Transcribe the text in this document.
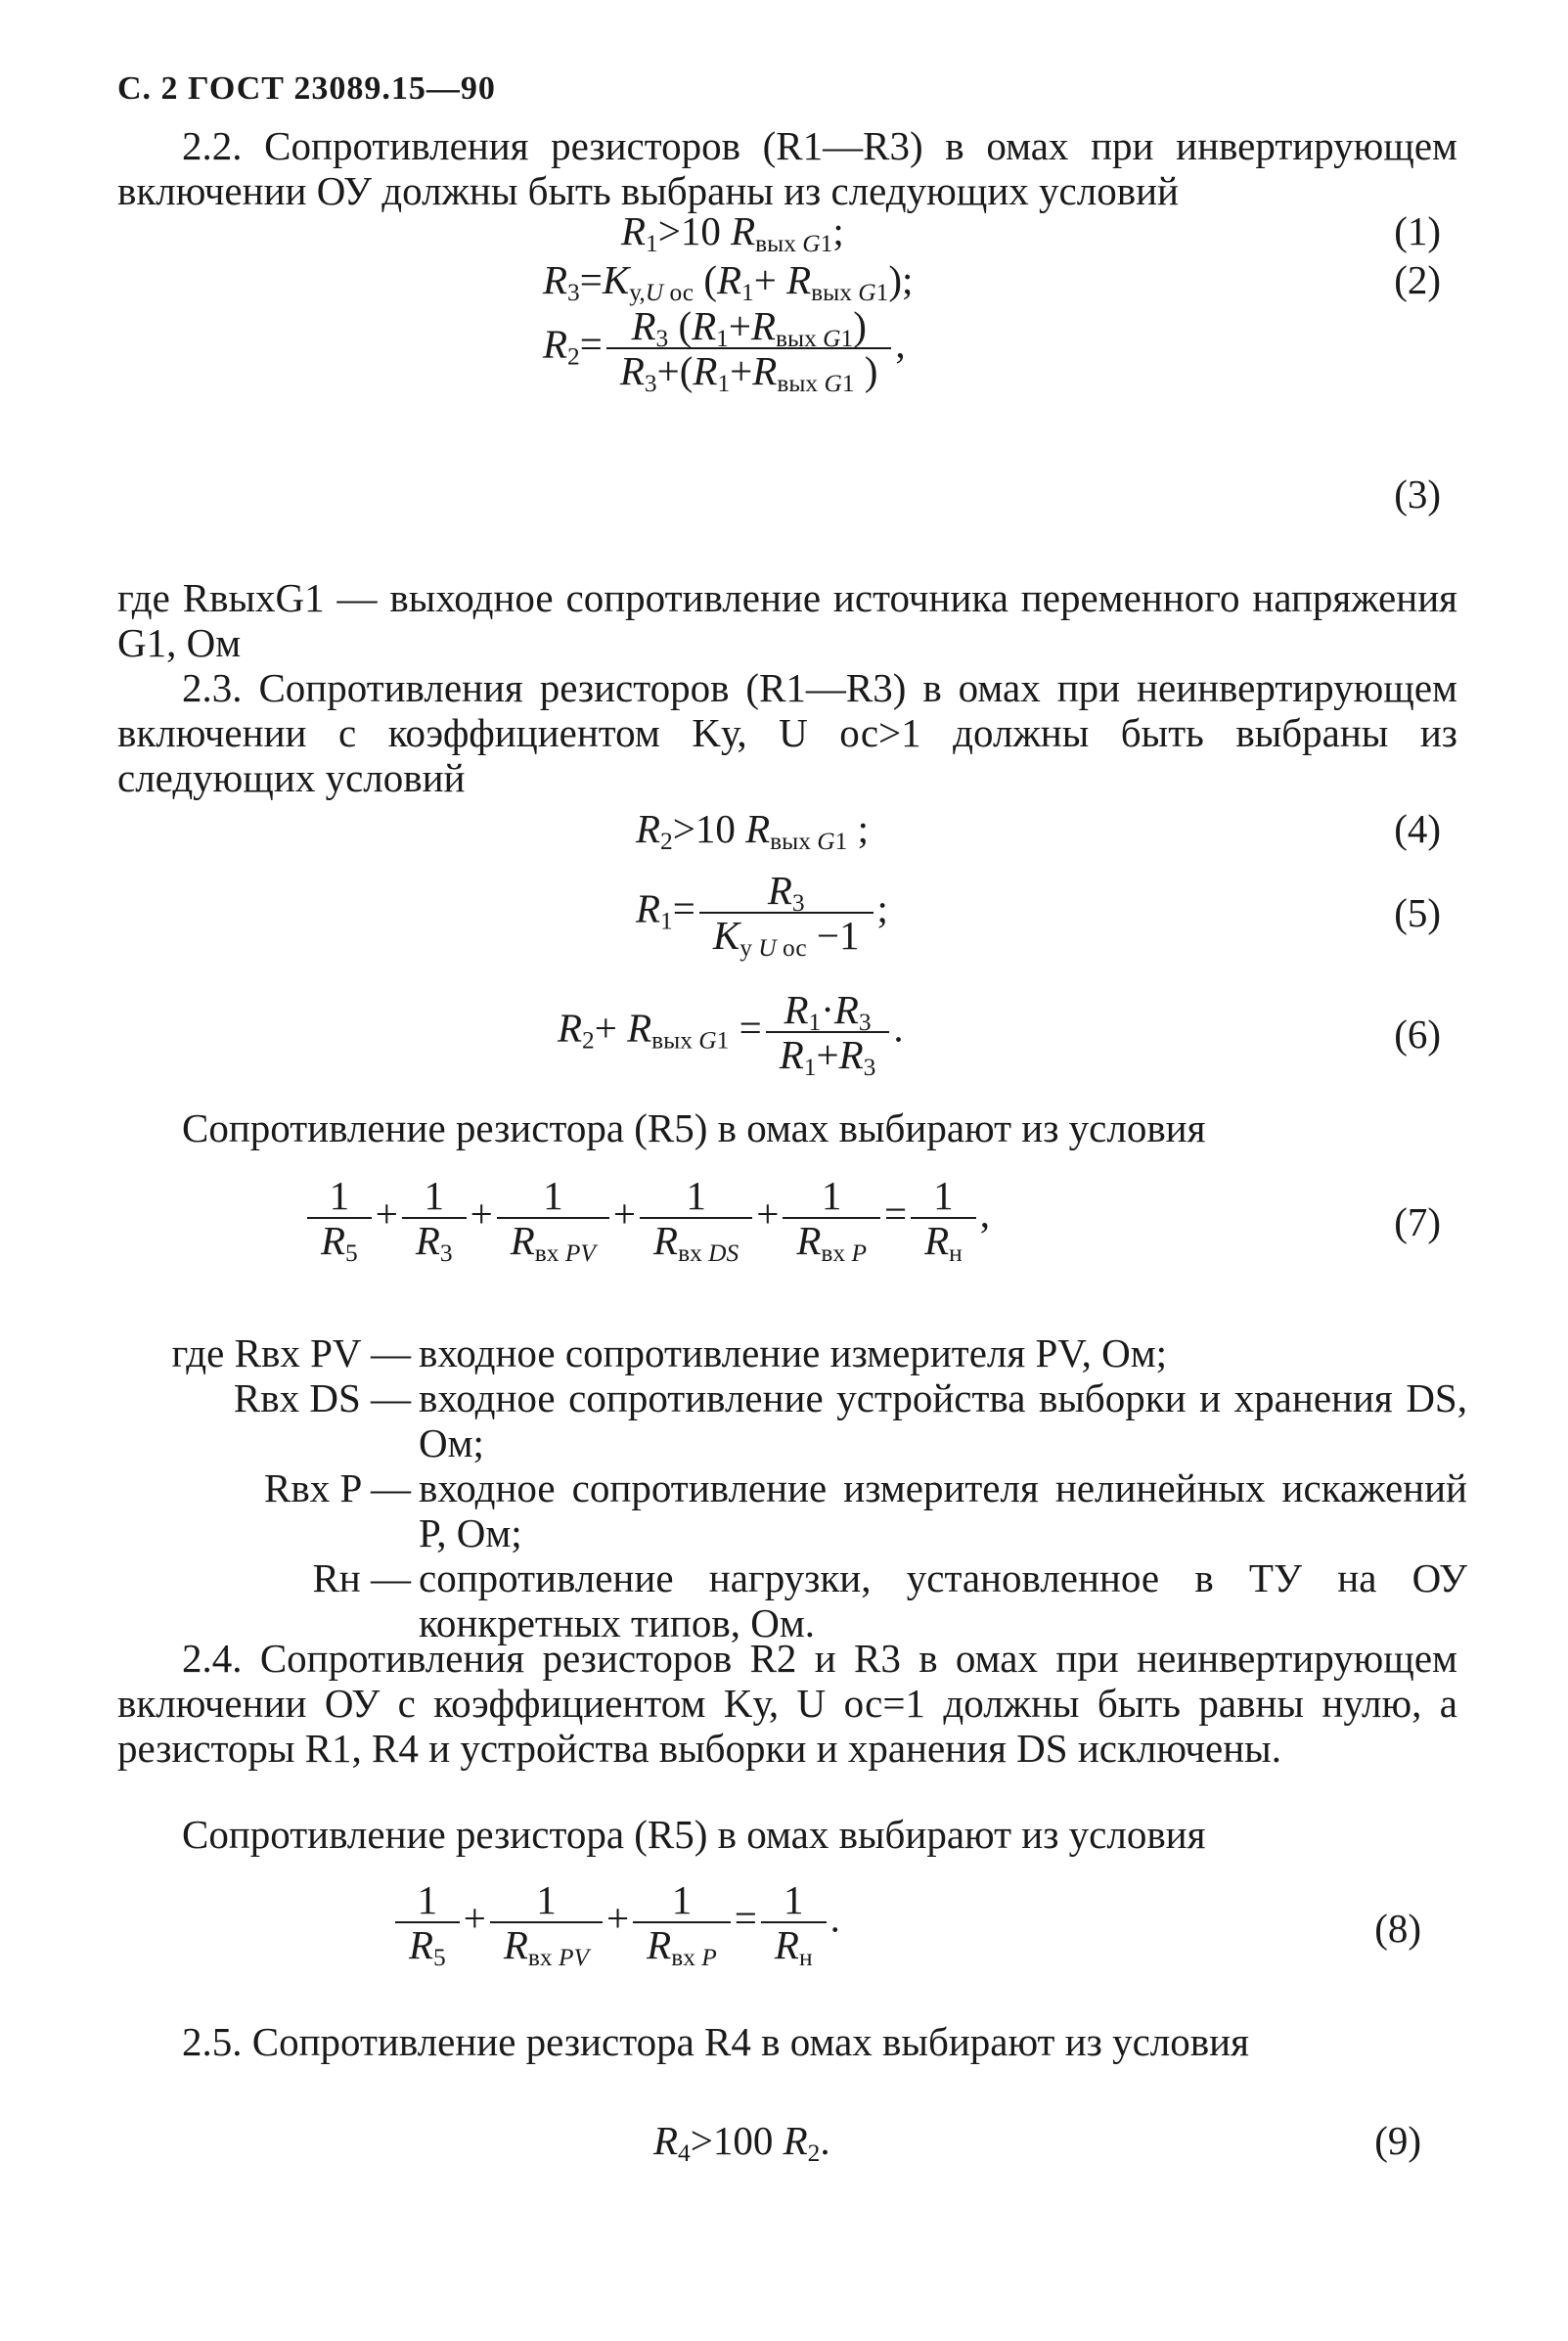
С. 2 ГОСТ 23089.15—90
2.2. Сопротивления резисторов (R1—R3) в омах при инвертирующем включении ОУ должны быть выбраны из следующих условий
$R_1>10$ $R_{вых G1}$;	(1)
$R_3=K_{у,U ос}$ $(R_1+ R_{вых G1})$;	(2)
$R_2= \frac{R_3 (R_1+R_{вых G1})}{R_3+(R_1+R_{вых G1} )}$ ,
(3)
где RвыхG1 — выходное сопротивление источника переменного напряжения G1, Ом
2.3. Сопротивления резисторов (R1—R3) в омах при неинвертирующем включении с коэффициентом Kу, U ос>1 должны быть выбраны из следующих условий
$R_2>10$ $R_{вых G1}$ ;	(4)
$R_1= \frac{R_3}{K_{у U ос} -1}$ ;	(5)
$R_2+ R_{вых G1} = \frac{R_1\cdot R_3}{R_1+R_3}$ .	(6)
Сопротивление резистора (R5) в омах выбирают из условия
$\frac{1}{R_5} + \frac{1}{R_3} + \frac{1}{R_{вх PV}} + \frac{1}{R_{вх DS}} + \frac{1}{R_{вх P}} = \frac{1}{R_н}$ ,	(7)
где Rвх PV —	входное сопротивление измерителя PV, Ом;
Rвх DS —	входное сопротивление устройства выборки и хранения DS, Ом;
Rвх P —	входное сопротивление измерителя нелинейных искажений P, Ом;
Rн —	сопротивление нагрузки, установленное в ТУ на ОУ конкретных типов, Ом.
2.4. Сопротивления резисторов R2 и R3 в омах при неинвертирующем включении ОУ с коэффициентом Kу, U ос=1 должны быть равны нулю, а резисторы R1, R4 и устройства выборки и хранения DS исключены.
Сопротивление резистора (R5) в омах выбирают из условия
$\frac{1}{R_5} + \frac{1}{R_{вх PV}} + \frac{1}{R_{вх P}} = \frac{1}{R_н}$ .	(8)
2.5. Сопротивление резистора R4 в омах выбирают из условия
$R_4>100$ $R_2$.	(9)
